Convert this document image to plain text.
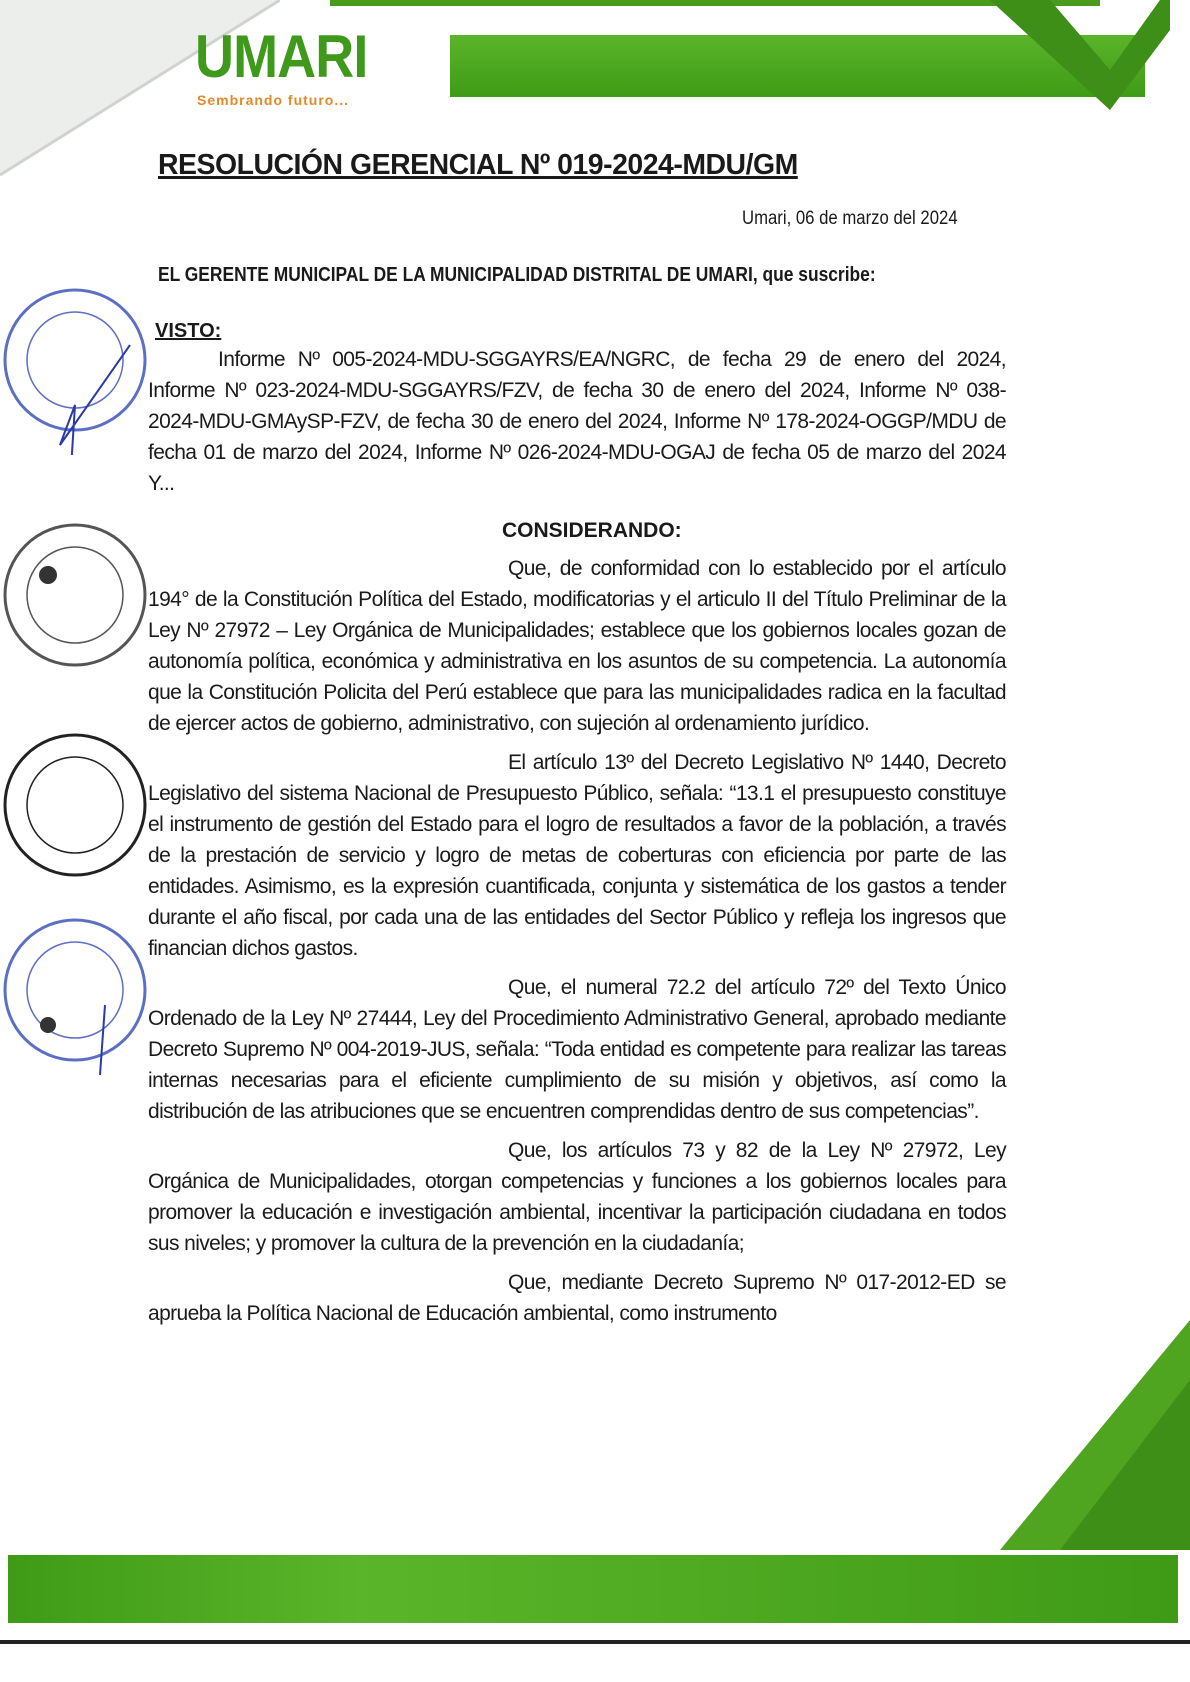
UMARI
Sembrando futuro...
RESOLUCIÓN GERENCIAL Nº 019-2024-MDU/GM
Umari, 06 de marzo del 2024
EL GERENTE MUNICIPAL DE LA MUNICIPALIDAD DISTRITAL DE UMARI, que suscribe:
VISTO:
Informe Nº 005-2024-MDU-SGGAYRS/EA/NGRC, de fecha 29 de enero del 2024, Informe Nº 023-2024-MDU-SGGAYRS/FZV, de fecha 30 de enero del 2024, Informe Nº 038-2024-MDU-GMAySP-FZV, de fecha 30 de enero del 2024, Informe Nº 178-2024-OGGP/MDU de fecha 01 de marzo del 2024, Informe Nº 026-2024-MDU-OGAJ de fecha 05 de marzo del 2024 Y...
CONSIDERANDO:
Que, de conformidad con lo establecido por el artículo 194° de la Constitución Política del Estado, modificatorias y el articulo II del Título Preliminar de la Ley Nº 27972 – Ley Orgánica de Municipalidades; establece que los gobiernos locales gozan de autonomía política, económica y administrativa en los asuntos de su competencia. La autonomía que la Constitución Policita del Perú establece que para las municipalidades radica en la facultad de ejercer actos de gobierno, administrativo, con sujeción al ordenamiento jurídico.
El artículo 13º del Decreto Legislativo Nº 1440, Decreto Legislativo del sistema Nacional de Presupuesto Público, señala: “13.1 el presupuesto constituye el instrumento de gestión del Estado para el logro de resultados a favor de la población, a través de la prestación de servicio y logro de metas de coberturas con eficiencia por parte de las entidades. Asimismo, es la expresión cuantificada, conjunta y sistemática de los gastos a tender durante el año fiscal, por cada una de las entidades del Sector Público y refleja los ingresos que financian dichos gastos.
Que, el numeral 72.2 del artículo 72º del Texto Único Ordenado de la Ley Nº 27444, Ley del Procedimiento Administrativo General, aprobado mediante Decreto Supremo Nº 004-2019-JUS, señala: “Toda entidad es competente para realizar las tareas internas necesarias para el eficiente cumplimiento de su misión y objetivos, así como la distribución de las atribuciones que se encuentren comprendidas dentro de sus competencias”.
Que, los artículos 73 y 82 de la Ley Nº 27972, Ley Orgánica de Municipalidades, otorgan competencias y funciones a los gobiernos locales para promover la educación e investigación ambiental, incentivar la participación ciudadana en todos sus niveles; y promover la cultura de la prevención en la ciudadanía;
Que, mediante Decreto Supremo Nº 017-2012-ED se aprueba la Política Nacional de Educación ambiental, como instrumento
